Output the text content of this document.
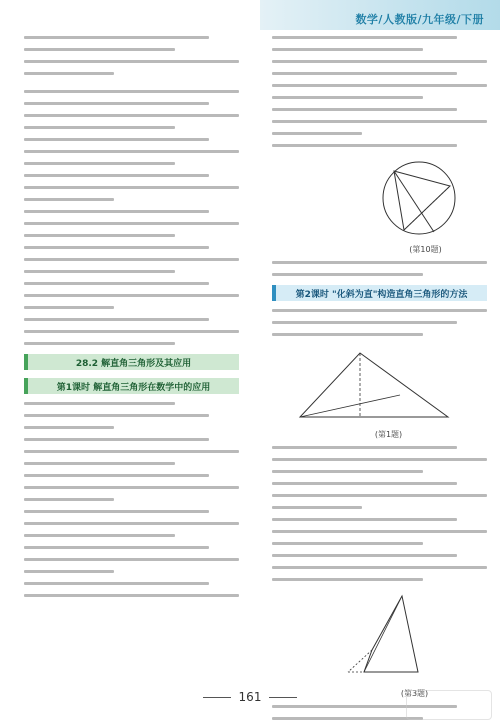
数学/人教版/九年级/下册
28.2 解直角三角形及其应用
第1课时 解直角三角形在数学中的应用
(第10题)
第2课时 "化斜为直"构造直角三角形的方法
(第1题)
(第3题)
161
